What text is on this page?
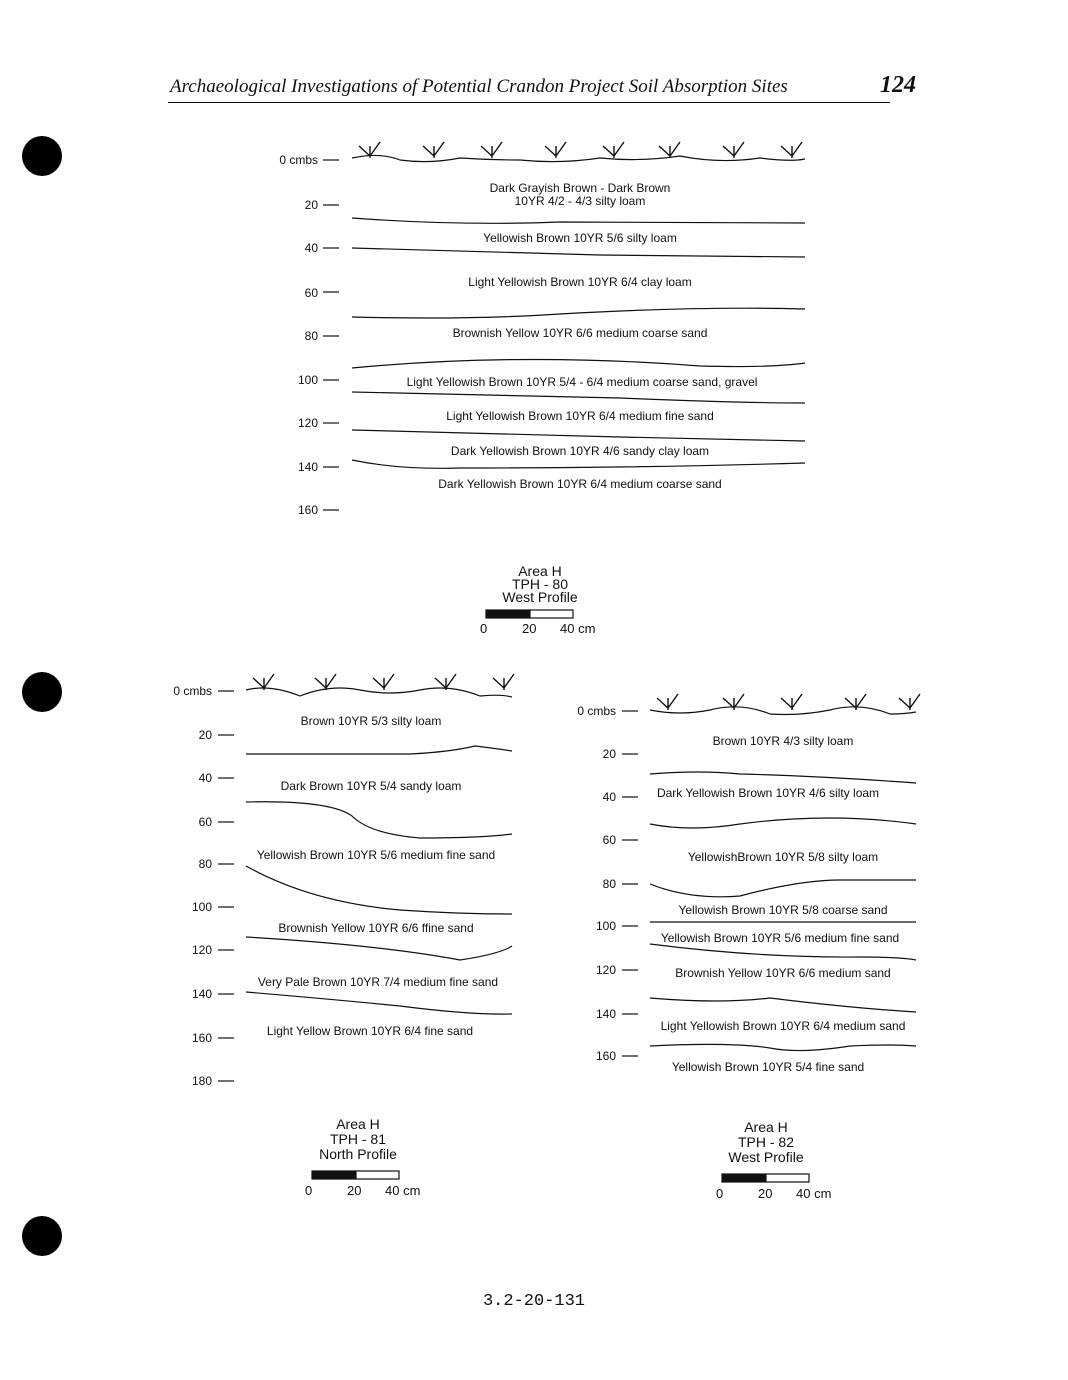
Archaeological Investigations of Potential Crandon Project Soil Absorption Sites	124
0 cmbs
20
40
60
80
100
120
140
160
Dark Grayish Brown - Dark Brown
10YR 4/2 - 4/3 silty loam
Yellowish Brown 10YR 5/6 silty loam
Light Yellowish Brown 10YR 6/4 clay loam
Brownish Yellow 10YR 6/6 medium coarse sand
Light Yellowish Brown 10YR 5/4 - 6/4 medium coarse sand, gravel
Light Yellowish Brown 10YR 6/4 medium fine sand
Dark Yellowish Brown 10YR 4/6 sandy clay loam
Dark Yellowish Brown 10YR 6/4 medium coarse sand
Area H
TPH - 80
West Profile
0	20 40 cm
0 cmbs
20
40
60
80
100
120
140
160
180
Brown 10YR 5/3 silty loam
Dark Brown 10YR 5/4 sandy loam
Yellowish Brown 10YR 5/6 medium fine sand
Brownish Yellow 10YR 6/6 ffine sand
Very Pale Brown 10YR 7/4 medium fine sand
Light Yellow Brown 10YR 6/4 fine sand
Area H
TPH - 81
North Profile
0	20 40 cm
0 cmbs
20
40
60
80
100
120
140
160
Brown 10YR 4/3 silty loam
Dark Yellowish Brown 10YR 4/6 silty loam
YellowishBrown 10YR 5/8 silty loam
Yellowish Brown 10YR 5/8 coarse sand
Yellowish Brown 10YR 5/6 medium fine sand
Brownish Yellow 10YR 6/6 medium sand
Light Yellowish Brown 10YR 6/4 medium sand
Yellowish Brown 10YR 5/4 fine sand
Area H
TPH - 82
West Profile
0	20 40 cm
3.2-20-131
